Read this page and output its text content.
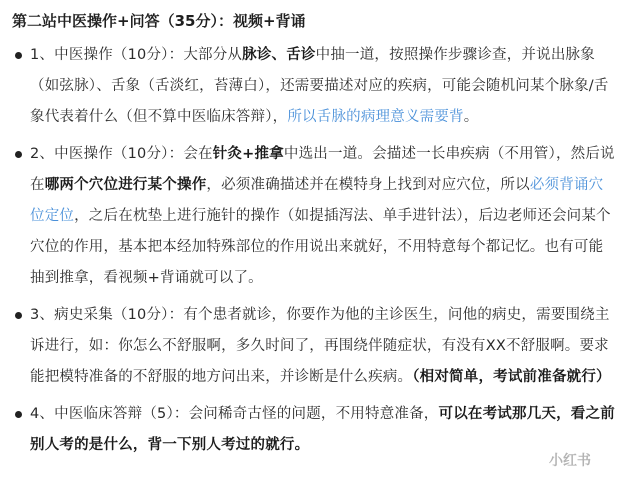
第二站中医操作+问答（35分）：视频+背诵
1、中医操作（10分）：大部分从脉诊、舌诊中抽一道，按照操作步骤诊查，并说出脉象（如弦脉）、舌象（舌淡红，苔薄白），还需要描述对应的疾病，可能会随机问某个脉象/舌象代表着什么（但不算中医临床答辩），所以舌脉的病理意义需要背。
2、中医操作（10分）：会在针灸+推拿中选出一道。会描述一长串疾病（不用管），然后说在哪两个穴位进行某个操作，必须准确描述并在模特身上找到对应穴位，所以必须背诵穴位定位，之后在枕垫上进行施针的操作（如提插泻法、单手进针法），后边老师还会问某个穴位的作用，基本把本经加特殊部位的作用说出来就好，不用特意每个都记忆。也有可能抽到推拿，看视频+背诵就可以了。
3、病史采集（10分）：有个患者就诊，你要作为他的主诊医生，问他的病史，需要围绕主诉进行，如：你怎么不舒服啊，多久时间了，再围绕伴随症状，有没有XX不舒服啊。要求能把模特准备的不舒服的地方问出来，并诊断是什么疾病。（相对简单，考试前准备就行）
4、中医临床答辩（5）：会问稀奇古怪的问题，不用特意准备，可以在考试那几天，看之前别人考的是什么，背一下别人考过的就行。
小红书
